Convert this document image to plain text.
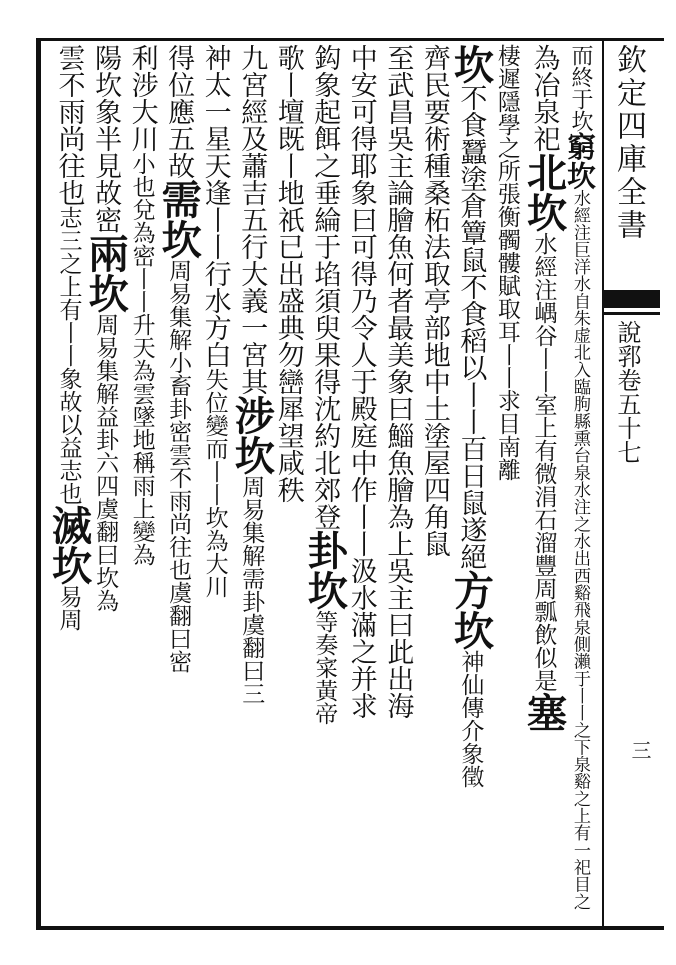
欽定四庫全書
說郛卷五十七
三
而終于坎窮坎水經注巨洋水自朱虚北入臨朐縣熏台泉水注之水出西谿飛泉側瀨于丨丨之下泉谿之上有一祀目之
為冶泉祀北坎水經注嵎谷丨丨室上有微涓石溜豐周瓢飲似是塞
棲遲隱學之所張衡髑髏賦取耳丨丨求目南離
坎不食蠶塗倉簟鼠不食稻以丨丨百日鼠遂絕方坎神仙傳介象徵
齊民要術種桑柘法取亭部地中土塗屋四角鼠
至武昌吳主論膾魚何者最美象曰鯔魚膾為上吳主曰此出海
中安可得耶象曰可得乃令人于殿庭中作丨丨汲水滿之并求
鈎象起餌之垂綸于埳須臾果得沈約北郊登卦坎等奏寀黃帝
歌丨壇既丨地祇已出盛典勿巒犀望咸秩
九宮經及蕭吉五行大義一宮其涉坎周易集解需卦虞翻曰三
衶太一星天逢丨丨行水方白失位變而丨丨坎為大川
得位應五故需坎周易集解小畜卦密雲不雨尚往也虞翻曰密
利涉大川小也兌為密丨丨升天為雲墜地稱雨上變為
陽坎象半見故密兩坎周易集解益卦六四虞翻曰坎為
雲不雨尚往也志三之上有丨丨象故以益志也滅坎易周
